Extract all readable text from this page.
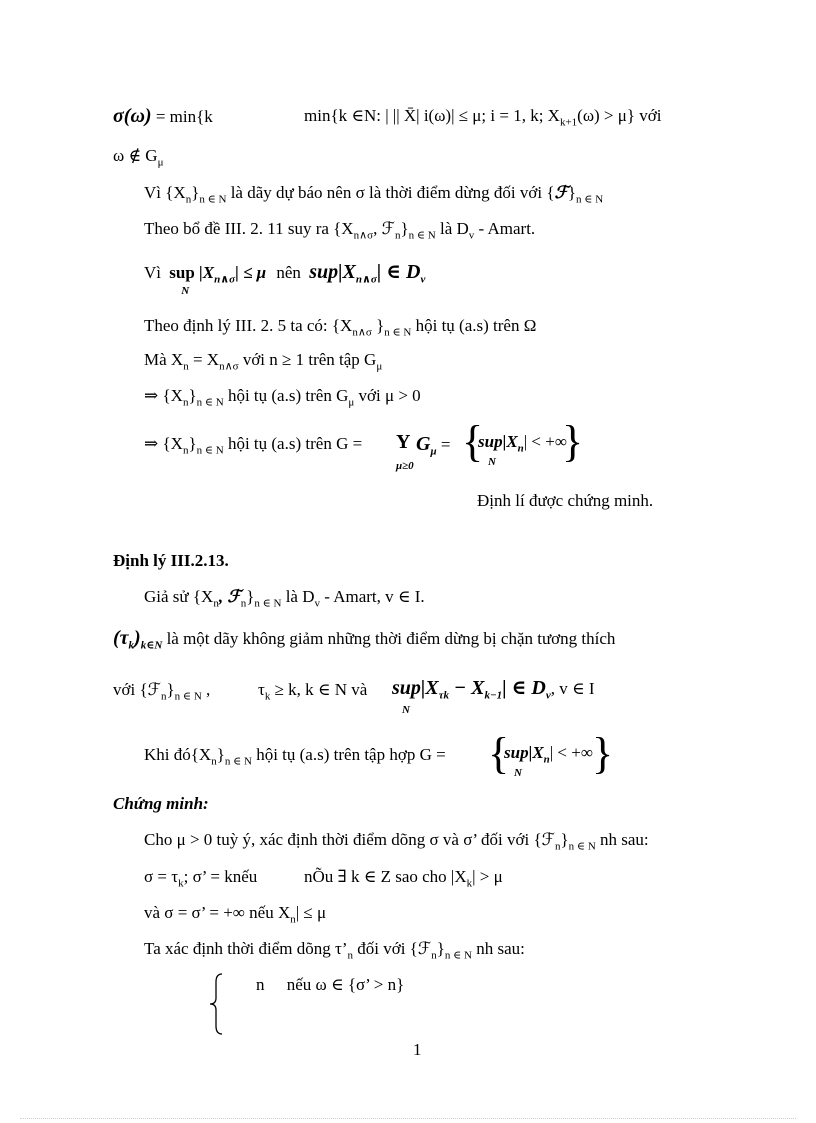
σ(ω) = min{k	min{k ∈N: | || X̄| i(ω)| ≤ μ; i = 1, k; $X_{k+1}(\omega) > \mu$} với
ω ∉ $G_\mu$
Vì $\{X_n\}_{n \in N}$ là dãy dự báo nên σ là thời điểm dừng đối với $\{ℱ\}_{n \in N}$
Theo bổ đề III. 2. 11 suy ra {$X_{n\wedge\sigma}$, $ℱ_n\}_{n \in N}$ là $D_v$ - Amart.
Vì sup
N
$|X_{n\wedge\sigma}| \le \mu$ nên $sup|X_{n\wedge\sigma}|$ ∈ $D_v$
Theo định lý III. 2. 5 ta có: {$X_{n\wedge\sigma}$ }$_{n \in N}$ hội tụ (a.s) trên Ω
Mà $X_n = X_{n\wedge\sigma}$ với n ≥ 1 trên tập $G_\mu$
⇒ $\{X_n\}_{n \in N}$ hội tụ (a.s) trên $G_\mu$ với μ > 0
⇒ $\{X_n\}_{n \in N}$ hội tụ (a.s) trên G = Y
μ≥0
$G_\mu$ = {
$sup|X_n|$ < +∞
N }
Định lí được chứng minh.
Định lý III.2.13.
Giả sử {$X_n$, $ℱ_n\}_{n \in N}$ là $D_v$ - Amart, v ∈ I.
$(\tau_k)_{k\in N}$ là một dãy không giảm những thời điểm dừng bị chặn tương thích
với $\{ℱ_n\}_{n \in N}$ ,	$\tau_k \ge k$, k ∈ N và $sup|X_{\tau k} - X_{k-1}|$ ∈ $D_v$, v ∈ I
N
Khi $đó\{X_n\}_{n \in N}$ hội tụ (a.s) trên tập hợp G = {
$sup|X_n|$ < +∞
N }
Chứng minh:
Cho μ > 0 tuỳ ý, xác định thời điểm dõng σ và σ’ đối với $\{ℱ_n\}_{n \in N}$ nh sau:
$\sigma = \tau_k$; σ’ = knếu	nÕu ∃ k ∈ Z sao cho $|X_k| > \mu$
và σ = σ’ = +∞ nếu $X_n| \le \mu$
Ta xác định thời điểm dõng $\tau’_n$ đối với $\{ℱ_n\}_{n \in N}$ nh sau:
n nếu ω ∈ {σ’ > n}
1
